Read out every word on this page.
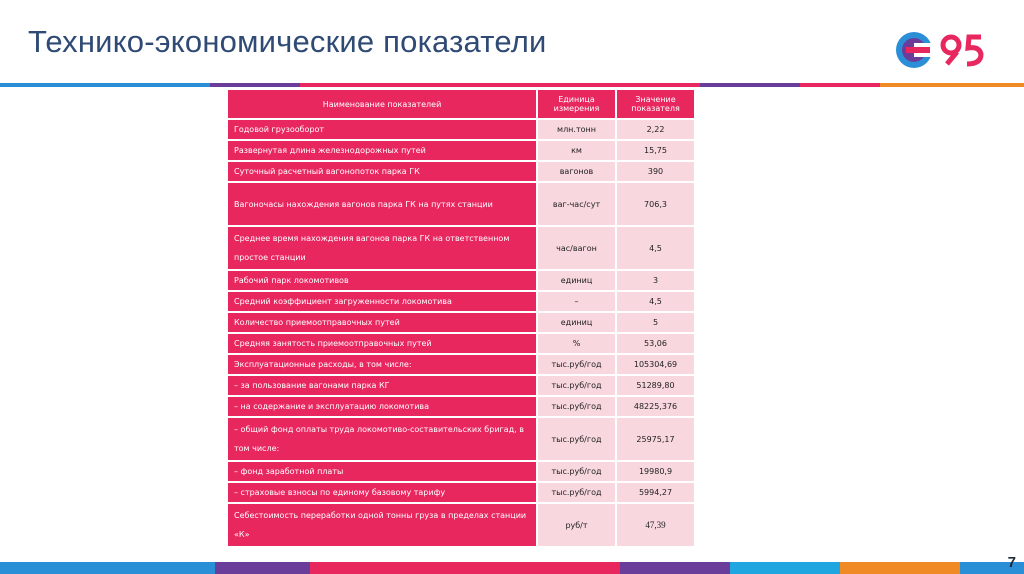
Технико-экономические показатели
Наименование показателей	Единица измерения	Значение показателя
Годовой грузооборот	млн.тонн	2,22
Развернутая длина железнодорожных путей	км	15,75
Суточный расчетный вагонопоток парка ГК	вагонов	390
Вагоночасы нахождения вагонов парка ГК на путях станции	ваг-час/сут	706,3
Среднее время нахождения вагонов парка ГК на ответственном простое станции	час/вагон	4,5
Рабочий парк локомотивов	единиц	3
Средний коэффициент загруженности локомотива	–	4,5
Количество приемоотправочных путей	единиц	5
Средняя занятость приемоотправочных путей	%	53,06
Эксплуатационные расходы, в том числе:	тыс.руб/год	105304,69
– за пользование вагонами парка КГ	тыс.руб/год	51289,80
– на содержание и эксплуатацию локомотива	тыс.руб/год	48225,376
– общий фонд оплаты труда локомотиво-составительских бригад, в том числе:	тыс.руб/год	25975,17
– фонд заработной платы	тыс.руб/год	19980,9
– страховые взносы по единому базовому тарифу	тыс.руб/год	5994,27
Себестоимость переработки одной тонны груза в пределах станции «К»	руб/т	47,39
7
